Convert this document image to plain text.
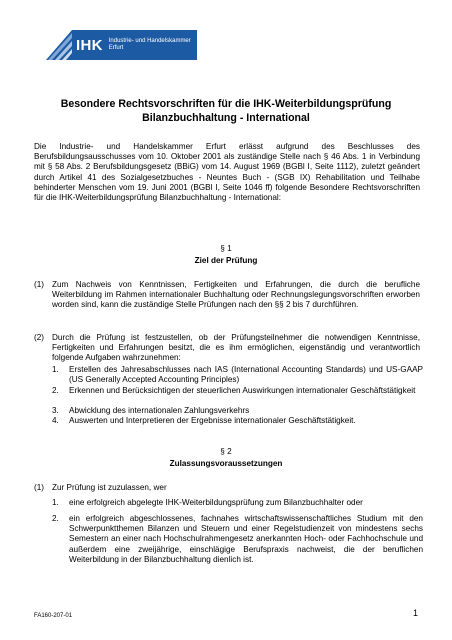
IHK Industrie- und Handelskammer
Erfurt
Besondere Rechtsvorschriften für die IHK-Weiterbildungsprüfung
Bilanzbuchhaltung - International
Die Industrie- und Handelskammer Erfurt erlässt aufgrund des Beschlusses des Berufsbildungsausschusses vom 10. Oktober 2001 als zuständige Stelle nach § 46 Abs. 1 in Verbindung mit § 58 Abs. 2 Berufsbildungsgesetz (BBiG) vom 14. August 1969 (BGBl I, Seite 1112), zuletzt geändert durch Artikel 41 des Sozialgesetzbuches - Neuntes Buch - (SGB IX) Rehabilitation und Teilhabe behinderter Menschen vom 19. Juni 2001 (BGBl I, Seite 1046 ff) folgende Besondere Rechtsvorschriften für die IHK-Weiterbildungsprüfung Bilanzbuchhaltung - International:
§ 1
Ziel der Prüfung
(1) Zum Nachweis von Kenntnissen, Fertigkeiten und Erfahrungen, die durch die berufliche Weiterbildung im Rahmen internationaler Buchhaltung oder Rechnungslegungsvorschriften erworben worden sind, kann die zuständige Stelle Prüfungen nach den §§ 2 bis 7 durchführen.
(2) Durch die Prüfung ist festzustellen, ob der Prüfungsteilnehmer die notwendigen Kenntnisse, Fertigkeiten und Erfahrungen besitzt, die es ihm ermöglichen, eigenständig und verantwortlich folgende Aufgaben wahrzunehmen:
1. Erstellen des Jahresabschlusses nach IAS (International Accounting Standards) und US-GAAP (US Generally Accepted Accounting Principles)
2. Erkennen und Berücksichtigen der steuerlichen Auswirkungen internationaler Geschäftstätigkeit
3. Abwicklung des internationalen Zahlungsverkehrs
4. Auswerten und Interpretieren der Ergebnisse internationaler Geschäftstätigkeit.
§ 2
Zulassungsvoraussetzungen
(1) Zur Prüfung ist zuzulassen, wer
1. eine erfolgreich abgelegte IHK-Weiterbildungsprüfung zum Bilanzbuchhalter oder
2. ein erfolgreich abgeschlossenes, fachnahes wirtschaftswissenschaftliches Studium mit den Schwerpunktthemen Bilanzen und Steuern und einer Regelstudienzeit von mindestens sechs Semestern an einer nach Hochschulrahmengesetz anerkannten Hoch- oder Fachhochschule und außerdem eine zweijährige, einschlägige Berufspraxis nachweist, die der beruflichen Weiterbildung in der Bilanzbuchhaltung dienlich ist.
FA160-207-01	1
